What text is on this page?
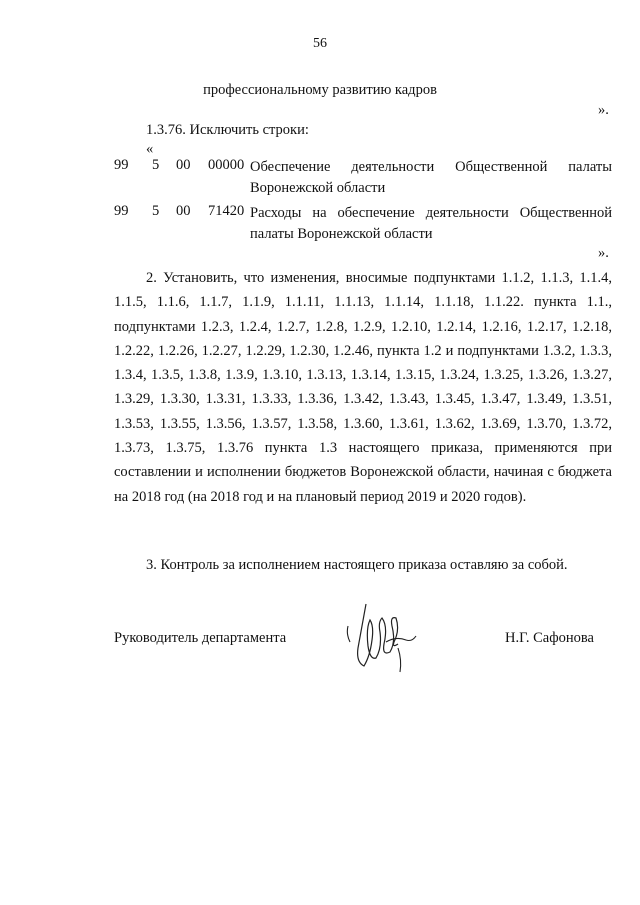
56
профессиональному развитию кадров
».
1.3.76. Исключить строки:
«
99 5 00 00000 Обеспечение деятельности Общественной палаты Воронежской области
99 5 00 71420 Расходы на обеспечение деятельности Общественной палаты Воронежской области
».
2. Установить, что изменения, вносимые подпунктами 1.1.2, 1.1.3, 1.1.4, 1.1.5, 1.1.6, 1.1.7, 1.1.9, 1.1.11, 1.1.13, 1.1.14, 1.1.18, 1.1.22. пункта 1.1., подпунктами 1.2.3, 1.2.4, 1.2.7, 1.2.8, 1.2.9, 1.2.10, 1.2.14, 1.2.16, 1.2.17, 1.2.18, 1.2.22, 1.2.26, 1.2.27, 1.2.29, 1.2.30, 1.2.46, пункта 1.2 и подпунктами 1.3.2, 1.3.3, 1.3.4, 1.3.5, 1.3.8, 1.3.9, 1.3.10, 1.3.13, 1.3.14, 1.3.15, 1.3.24, 1.3.25, 1.3.26, 1.3.27, 1.3.29, 1.3.30, 1.3.31, 1.3.33, 1.3.36, 1.3.42, 1.3.43, 1.3.45, 1.3.47, 1.3.49, 1.3.51, 1.3.53, 1.3.55, 1.3.56, 1.3.57, 1.3.58, 1.3.60, 1.3.61, 1.3.62, 1.3.69, 1.3.70, 1.3.72, 1.3.73, 1.3.75, 1.3.76 пункта 1.3 настоящего приказа, применяются при составлении и исполнении бюджетов Воронежской области, начиная с бюджета на 2018 год (на 2018 год и на плановый период 2019 и 2020 годов).
3. Контроль за исполнением настоящего приказа оставляю за собой.
Руководитель департамента	Н.Г. Сафонова
